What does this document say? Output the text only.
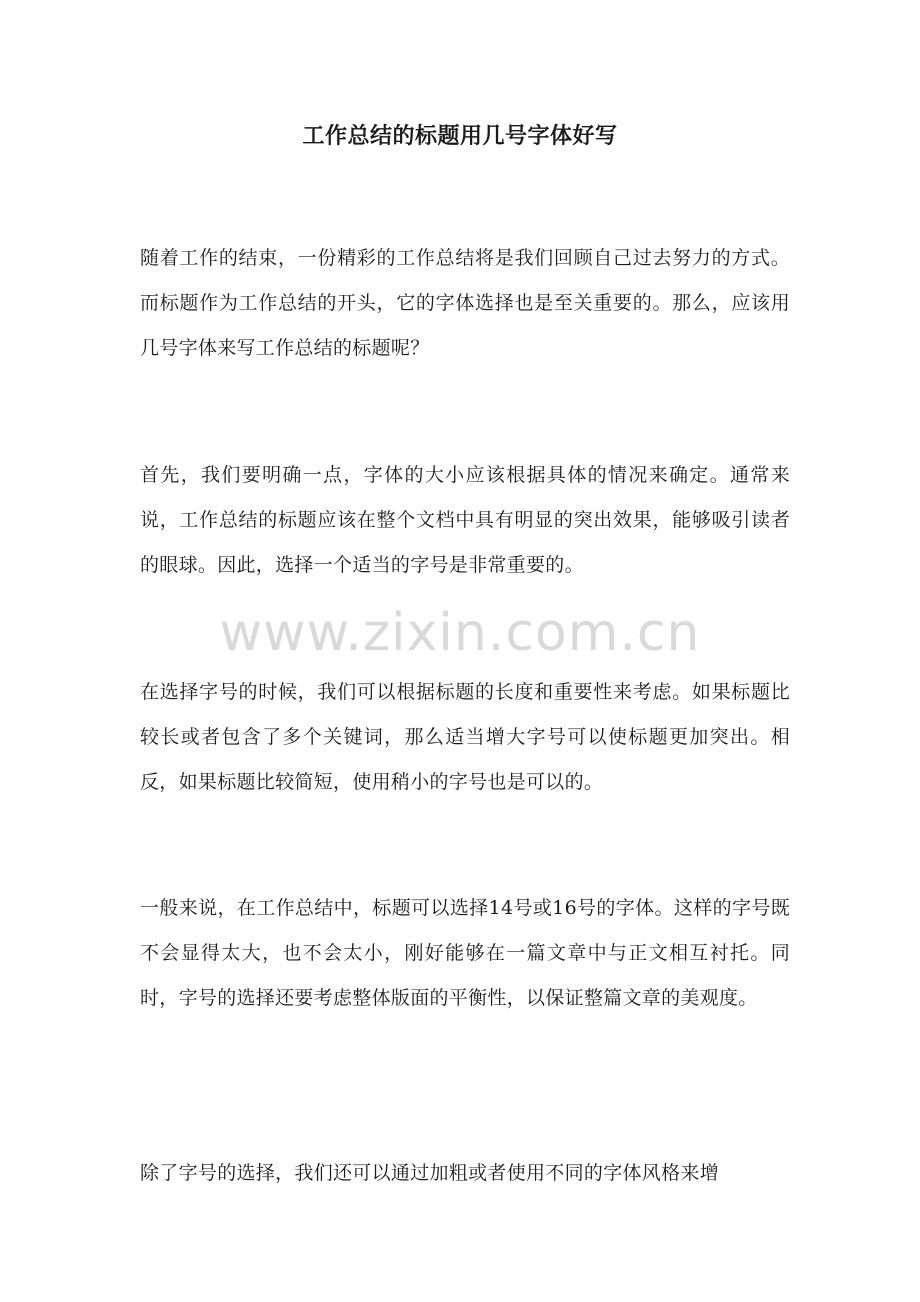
工作总结的标题用几号字体好写

随着工作的结束，一份精彩的工作总结将是我们回顾自己过去努力的方式。而标题作为工作总结的开头，它的字体选择也是至关重要的。那么，应该用几号字体来写工作总结的标题呢？

首先，我们要明确一点，字体的大小应该根据具体的情况来确定。通常来说，工作总结的标题应该在整个文档中具有明显的突出效果，能够吸引读者的眼球。因此，选择一个适当的字号是非常重要的。

www.zixin.com.cn

在选择字号的时候，我们可以根据标题的长度和重要性来考虑。如果标题比较长或者包含了多个关键词，那么适当增大字号可以使标题更加突出。相反，如果标题比较简短，使用稍小的字号也是可以的。

一般来说，在工作总结中，标题可以选择14号或16号的字体。这样的字号既不会显得太大，也不会太小，刚好能够在一篇文章中与正文相互衬托。同时，字号的选择还要考虑整体版面的平衡性，以保证整篇文章的美观度。

除了字号的选择，我们还可以通过加粗或者使用不同的字体风格来增
